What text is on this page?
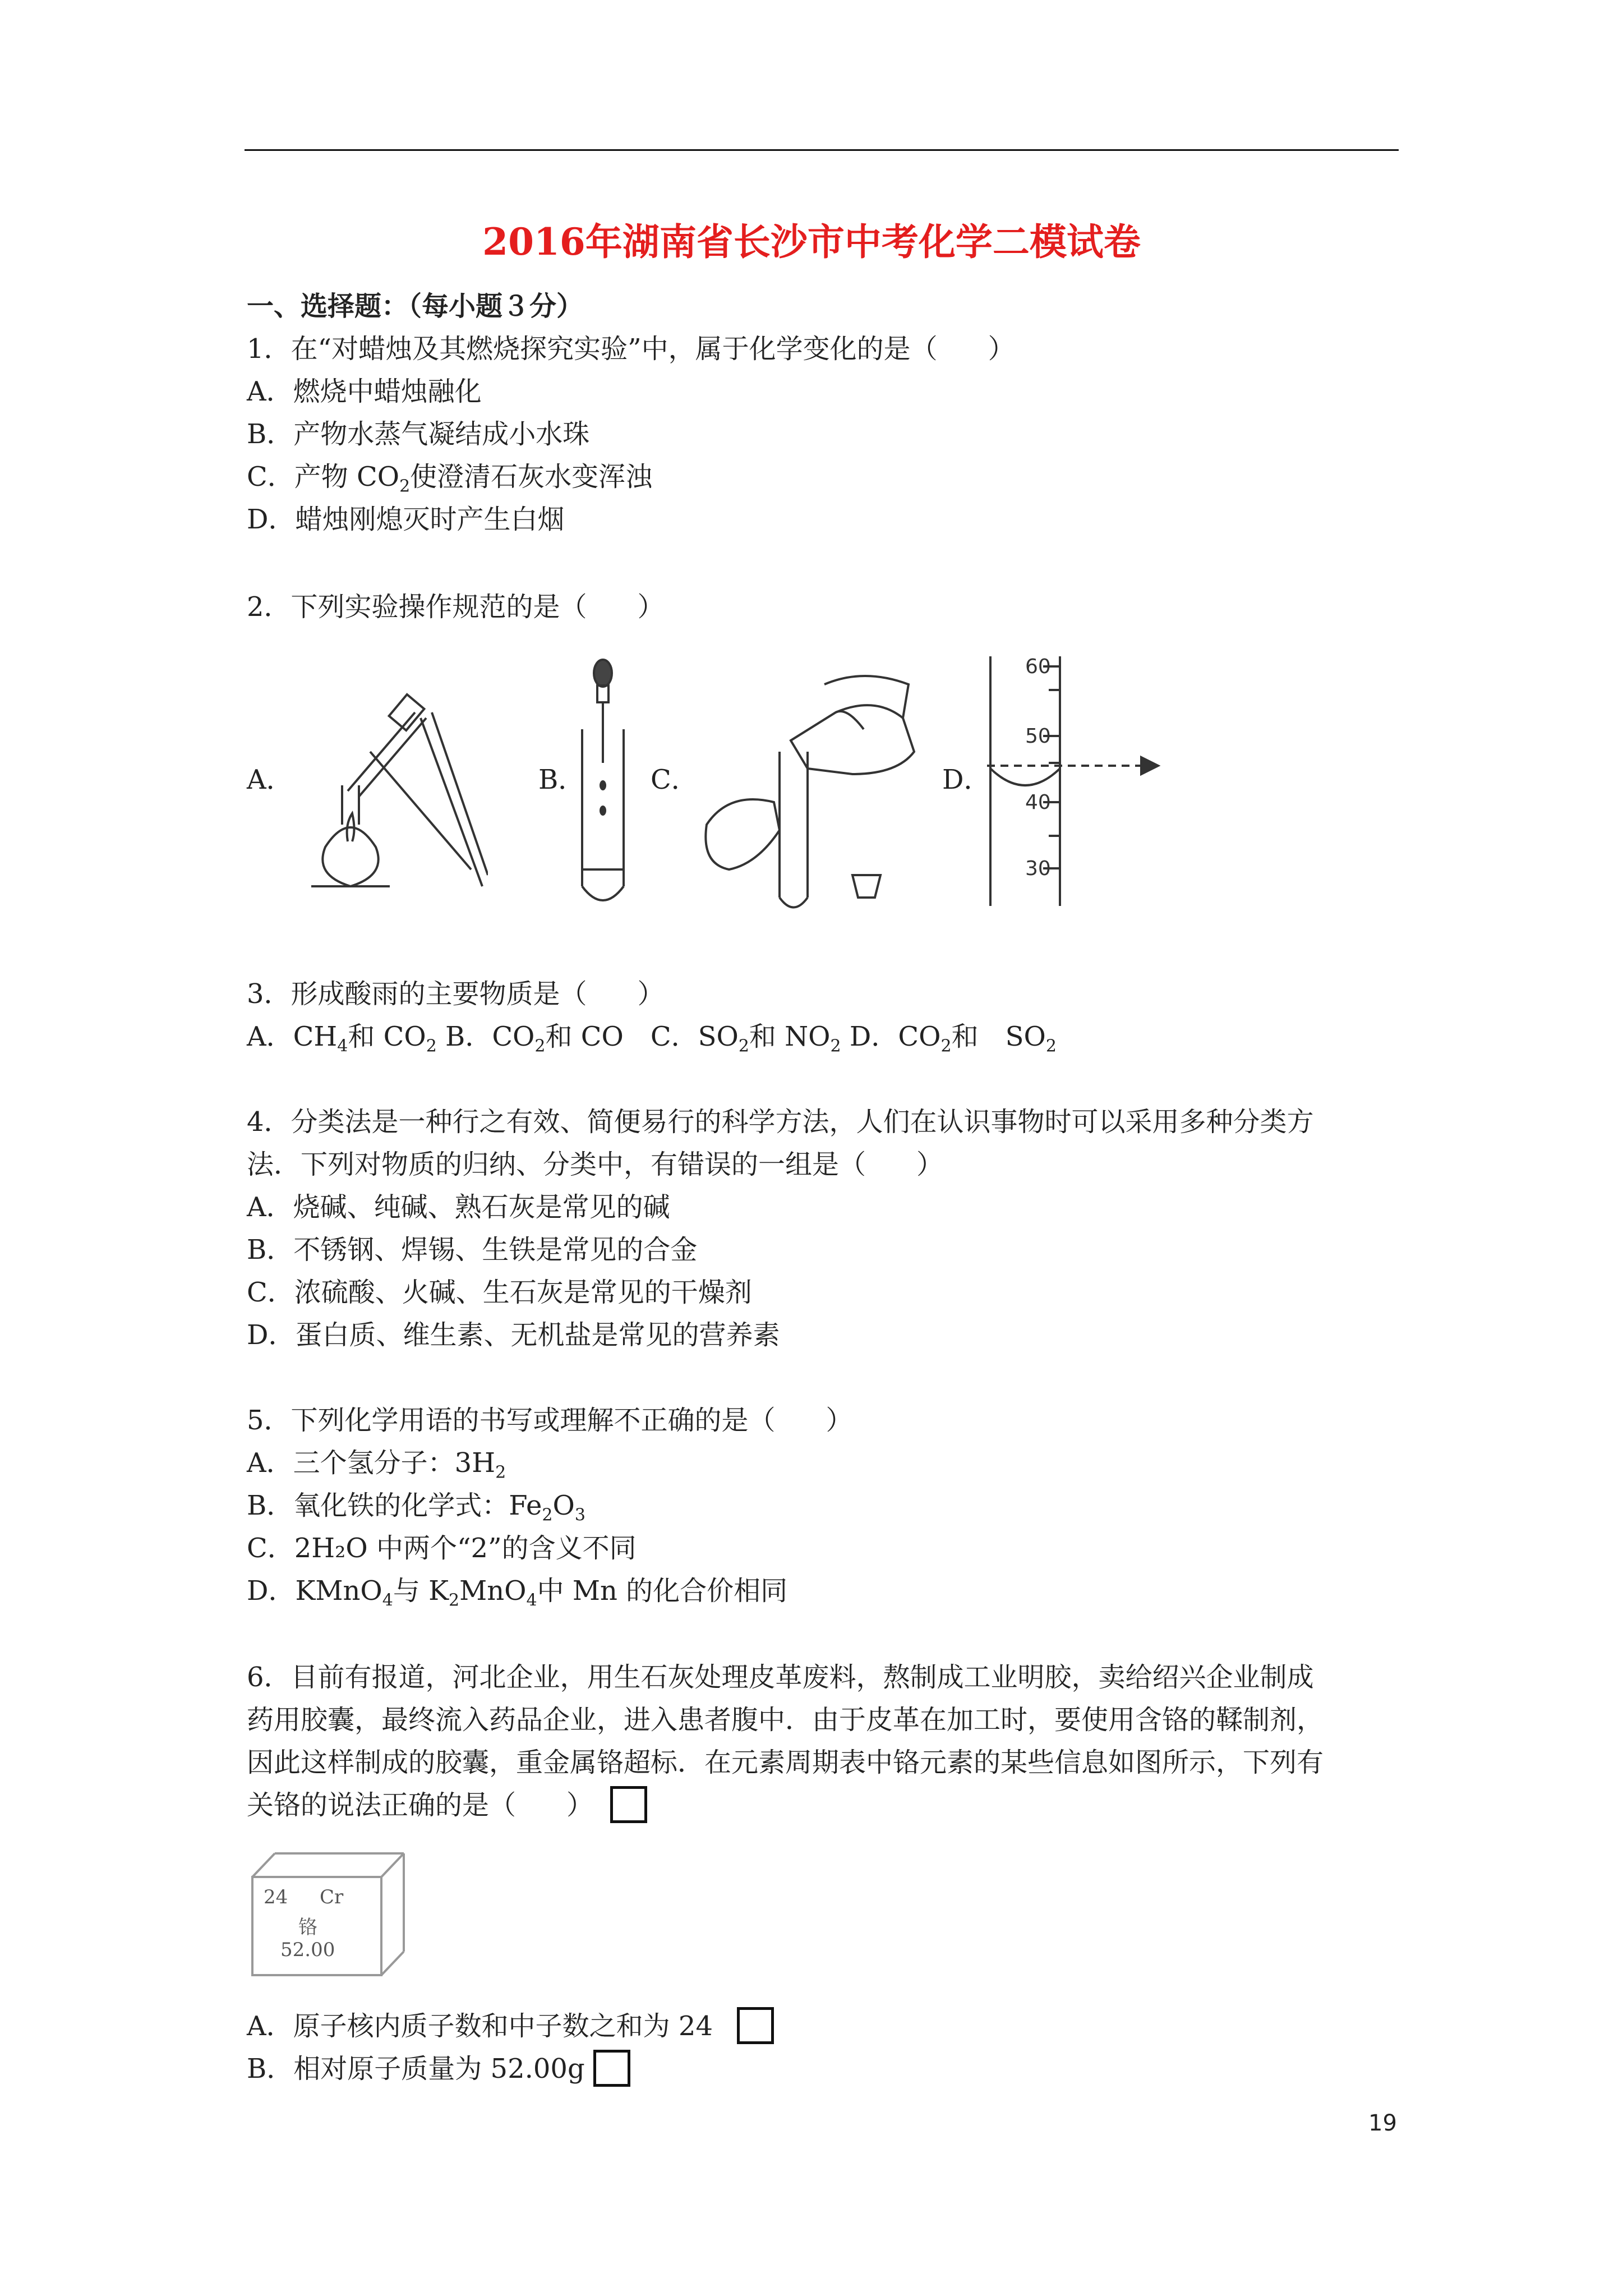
2016年湖南省长沙市中考化学二模试卷
一、选择题：（每小题３分）
1．在“对蜡烛及其燃烧探究实验”中，属于化学变化的是（ ）
A．燃烧中蜡烛融化
B．产物水蒸气凝结成小水珠
C．产物 $CO_2$使澄清石灰水变浑浊
D．蜡烛刚熄灭时产生白烟
2．下列实验操作规范的是（ ）
A．	B． C．	D．
60
50
40
30
3．形成酸雨的主要物质是（ ）
A．$CH_4$和 $CO_2$ B．$CO_2$和 CO　C．$SO_2$和 $NO_2$ D．$CO_2$和　$SO_2$
4．分类法是一种行之有效、简便易行的科学方法，人们在认识事物时可以采用多种分类方
法．下列对物质的归纳、分类中，有错误的一组是（ ）
A．烧碱、纯碱、熟石灰是常见的碱
B．不锈钢、焊锡、生铁是常见的合金
C．浓硫酸、火碱、生石灰是常见的干燥剂
D．蛋白质、维生素、无机盐是常见的营养素
5．下列化学用语的书写或理解不正确的是（ ）
A．三个氢分子：$3H_2$
B．氧化铁的化学式：$Fe_2O_3$
C．2H₂O 中两个“2”的含义不同
D．KMnO$_4$与 $K_2MnO_4$中 Mn 的化合价相同
6．目前有报道，河北企业，用生石灰处理皮革废料，熬制成工业明胶，卖给绍兴企业制成
药用胶囊，最终流入药品企业，进入患者腹中．由于皮革在加工时，要使用含铬的鞣制剂，
因此这样制成的胶囊，重金属铬超标．在元素周期表中铬元素的某些信息如图所示，下列有
关铬的说法正确的是（ ）
24 Cr
铬
52.00
A．原子核内质子数和中子数之和为 24
B．相对原子质量为 52.00g
19
